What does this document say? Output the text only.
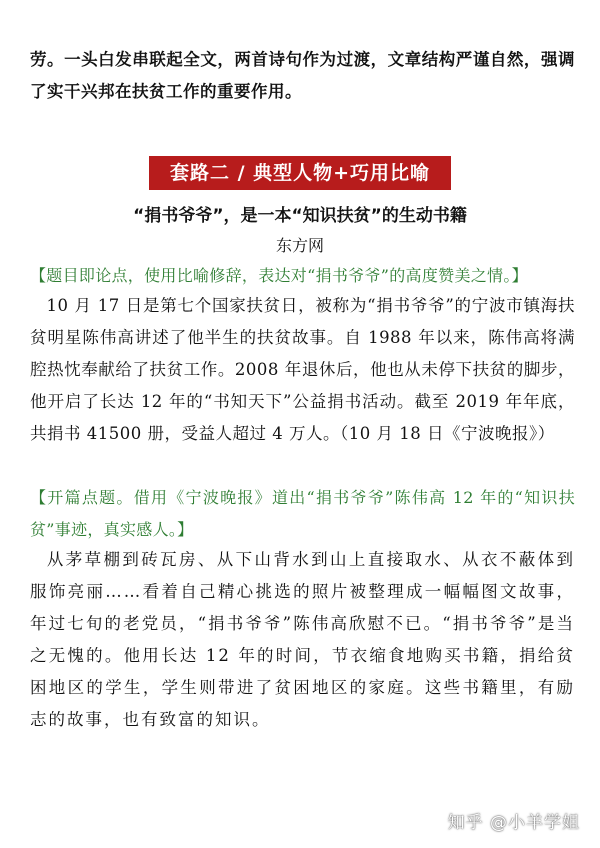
劳。一头白发串联起全文，两首诗句作为过渡，文章结构严谨自然，强调了实干兴邦在扶贫工作的重要作用。

套路二 / 典型人物+巧用比喻
“捐书爷爷”，是一本“知识扶贫”的生动书籍
东方网
【题目即论点，使用比喻修辞，表达对“捐书爷爷”的高度赞美之情。】

10 月 17 日是第七个国家扶贫日，被称为“捐书爷爷”的宁波市镇海扶贫明星陈伟高讲述了他半生的扶贫故事。自 1988 年以来，陈伟高将满腔热忱奉献给了扶贫工作。2008 年退休后，他也从未停下扶贫的脚步，他开启了长达 12 年的“书知天下”公益捐书活动。截至 2019 年年底，共捐书 41500 册，受益人超过 4 万人。（10 月 18 日《宁波晚报》）

【开篇点题。借用《宁波晚报》道出“捐书爷爷”陈伟高 12 年的“知识扶贫”事迹，真实感人。】

从茅草棚到砖瓦房、从下山背水到山上直接取水、从衣不蔽体到服饰亮丽……看着自己精心挑选的照片被整理成一幅幅图文故事，年过七旬的老党员，“捐书爷爷”陈伟高欣慰不已。“捐书爷爷”是当之无愧的。他用长达 12 年的时间，节衣缩食地购买书籍，捐给贫困地区的学生，学生则带进了贫困地区的家庭。这些书籍里，有励志的故事，也有致富的知识。

知乎 @小羊学姐
